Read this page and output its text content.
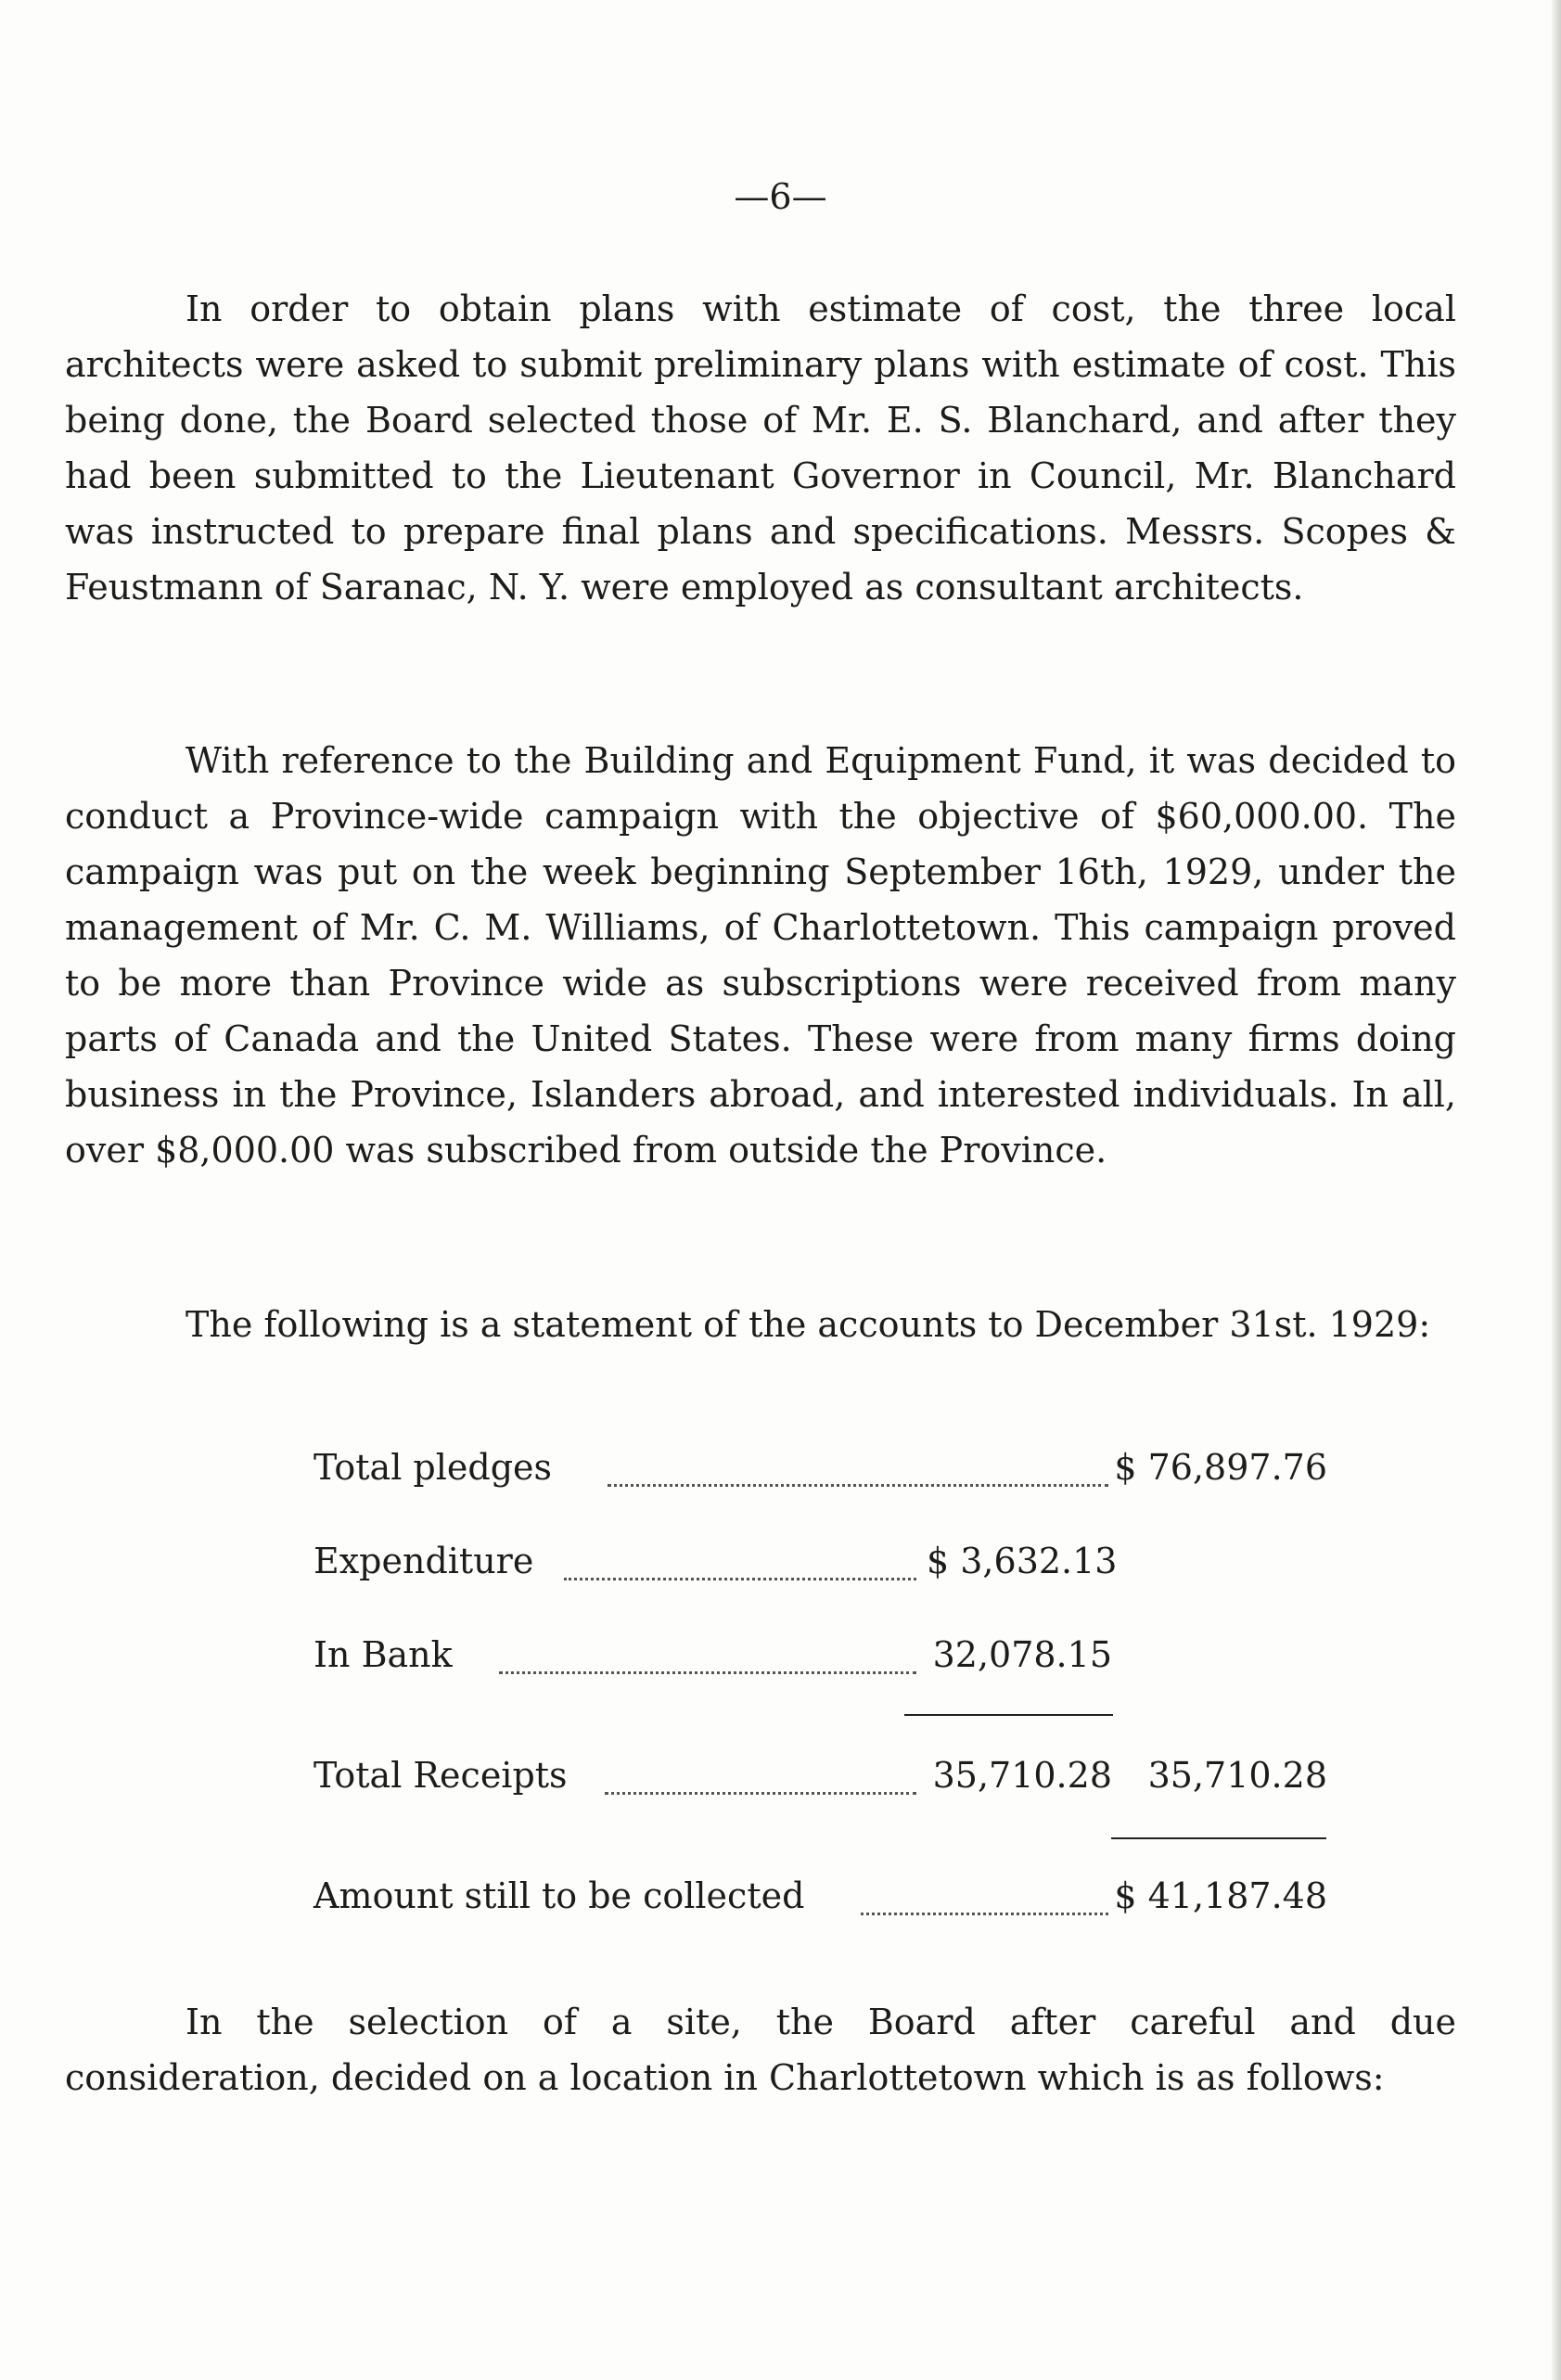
—6—

In order to obtain plans with estimate of cost, the three local architects were asked to submit preliminary plans with estimate of cost. This being done, the Board selected those of Mr. E. S. Blanchard, and after they had been submitted to the Lieutenant Governor in Council, Mr. Blanchard was instructed to prepare final plans and specifications. Messrs. Scopes & Feustmann of Saranac, N. Y. were employed as consultant architects.

With reference to the Building and Equipment Fund, it was decided to conduct a Province-wide campaign with the objective of $60,000.00. The campaign was put on the week beginning September 16th, 1929, under the management of Mr. C. M. Williams, of Charlottetown. This campaign proved to be more than Province wide as subscriptions were received from many parts of Canada and the United States. These were from many firms doing business in the Province, Islanders abroad, and interested individuals. In all, over $8,000.00 was subscribed from outside the Province.

The following is a statement of the accounts to December 31st. 1929:

Total pledges	$ 76,897.76
Expenditure	$ 3,632.13
In Bank	32,078.15
Total Receipts	35,710.28	35,710.28
Amount still to be collected	$ 41,187.48

In the selection of a site, the Board after careful and due consideration, decided on a location in Charlottetown which is as follows:
